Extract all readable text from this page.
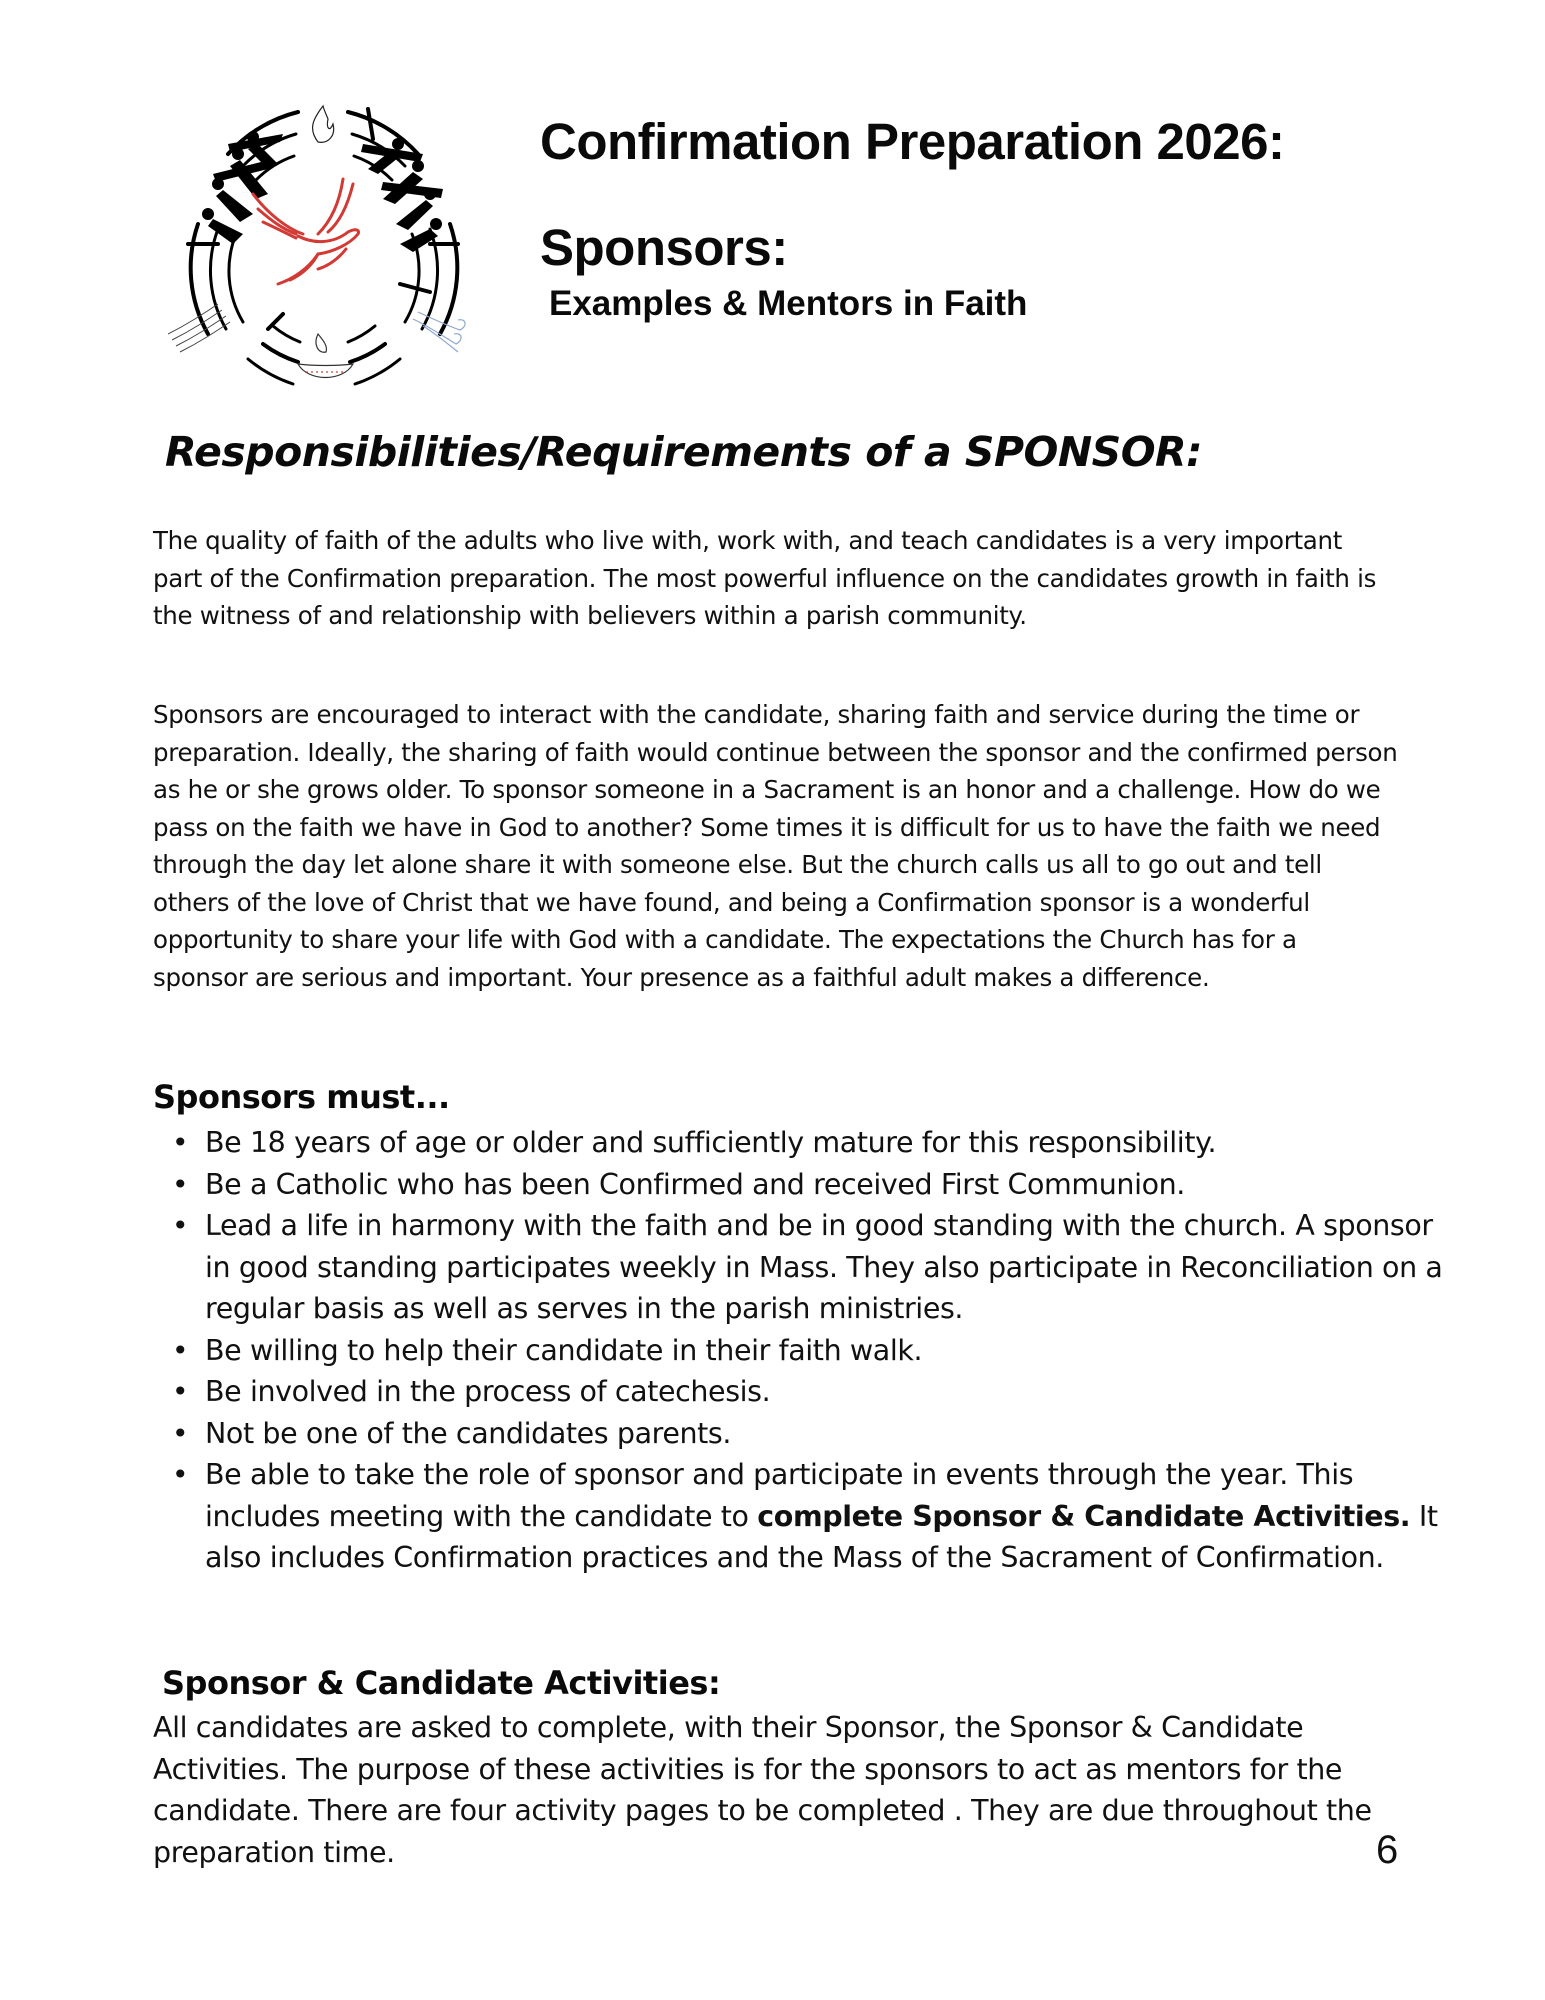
Confirmation Preparation 2026:
Sponsors:
Examples & Mentors in Faith
Responsibilities/Requirements of a SPONSOR:

The quality of faith of the adults who live with, work with, and teach candidates is a very important part of the Confirmation preparation. The most powerful influence on the candidates growth in faith is the witness of and relationship with believers within a parish community.

Sponsors are encouraged to interact with the candidate, sharing faith and service during the time or preparation. Ideally, the sharing of faith would continue between the sponsor and the confirmed person as he or she grows older. To sponsor someone in a Sacrament is an honor and a challenge. How do we pass on the faith we have in God to another? Some times it is difficult for us to have the faith we need through the day let alone share it with someone else. But the church calls us all to go out and tell others of the love of Christ that we have found, and being a Confirmation sponsor is a wonderful opportunity to share your life with God with a candidate. The expectations the Church has for a sponsor are serious and important. Your presence as a faithful adult makes a difference.

Sponsors must...
• Be 18 years of age or older and sufficiently mature for this responsibility.
• Be a Catholic who has been Confirmed and received First Communion.
• Lead a life in harmony with the faith and be in good standing with the church. A sponsor in good standing participates weekly in Mass. They also participate in Reconciliation on a regular basis as well as serves in the parish ministries.
• Be willing to help their candidate in their faith walk.
• Be involved in the process of catechesis.
• Not be one of the candidates parents.
• Be able to take the role of sponsor and participate in events through the year. This includes meeting with the candidate to complete Sponsor & Candidate Activities. It also includes Confirmation practices and the Mass of the Sacrament of Confirmation.
Sponsor & Candidate Activities:

All candidates are asked to complete, with their Sponsor, the Sponsor & Candidate Activities. The purpose of these activities is for the sponsors to act as mentors for the candidate. There are four activity pages to be completed . They are due throughout the preparation time.	6
